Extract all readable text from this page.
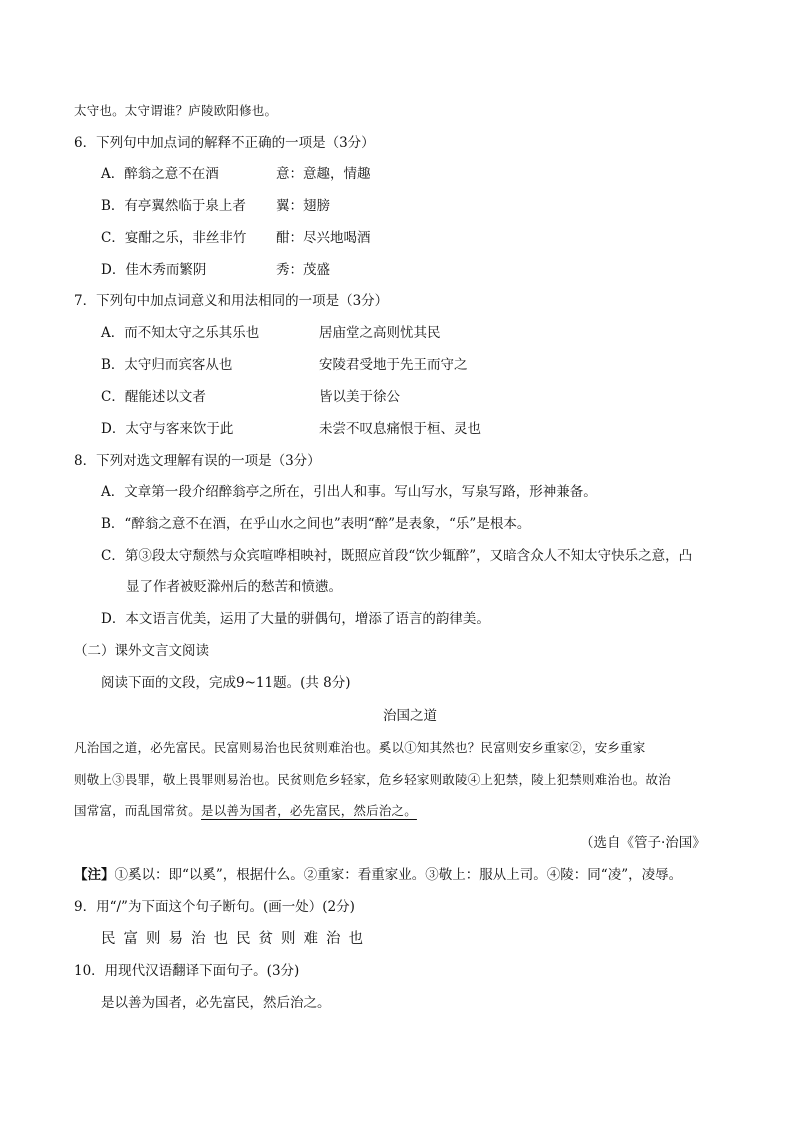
太守也。太守谓谁？庐陵欧阳修也。
6．下列句中加点词的解释不正确的一项是（3分）
A．醉翁之意不在酒	意：意趣，情趣
B．有亭翼然临于泉上者 翼：翅膀
C．宴酣之乐，非丝非竹 酣：尽兴地喝酒
D．佳木秀而繁阴	秀：茂盛
7．下列句中加点词意义和用法相同的一项是（3分）
A．而不知太守之乐其乐也	居庙堂之高则忧其民
B．太守归而宾客从也	安陵君受地于先王而守之
C．醒能述以文者	皆以美于徐公
D．太守与客来饮于此	未尝不叹息痛恨于桓、灵也
8．下列对选文理解有误的一项是（3分）
A．文章第一段介绍醉翁亭之所在，引出人和事。写山写水，写泉写路，形神兼备。
B．“醉翁之意不在酒，在乎山水之间也”表明“醉”是表象，“乐”是根本。
C．第③段太守颓然与众宾喧哗相映衬，既照应首段“饮少辄醉”，又暗含众人不知太守快乐之意，凸
显了作者被贬滁州后的愁苦和愤懑。
D．本文语言优美，运用了大量的骈偶句，增添了语言的韵律美。
（二）课外文言文阅读
阅读下面的文段，完成9~11题。(共 8分)
治国之道
凡治国之道，必先富民。民富则易治也民贫则难治也。奚以①知其然也？民富则安乡重家②，安乡重家
则敬上③畏罪，敬上畏罪则易治也。民贫则危乡轻家，危乡轻家则敢陵④上犯禁，陵上犯禁则难治也。故治
国常富，而乱国常贫。是以善为国者，必先富民，然后治之。
（选自《管子·治国》
【注】①奚以：即“以奚”，根据什么。②重家：看重家业。③敬上：服从上司。④陵：同“凌”，凌辱。
9．用“/”为下面这个句子断句。(画一处）(2分)
民富则易治也民贫则难治也
10．用现代汉语翻译下面句子。(3分)
是以善为国者，必先富民，然后治之。
